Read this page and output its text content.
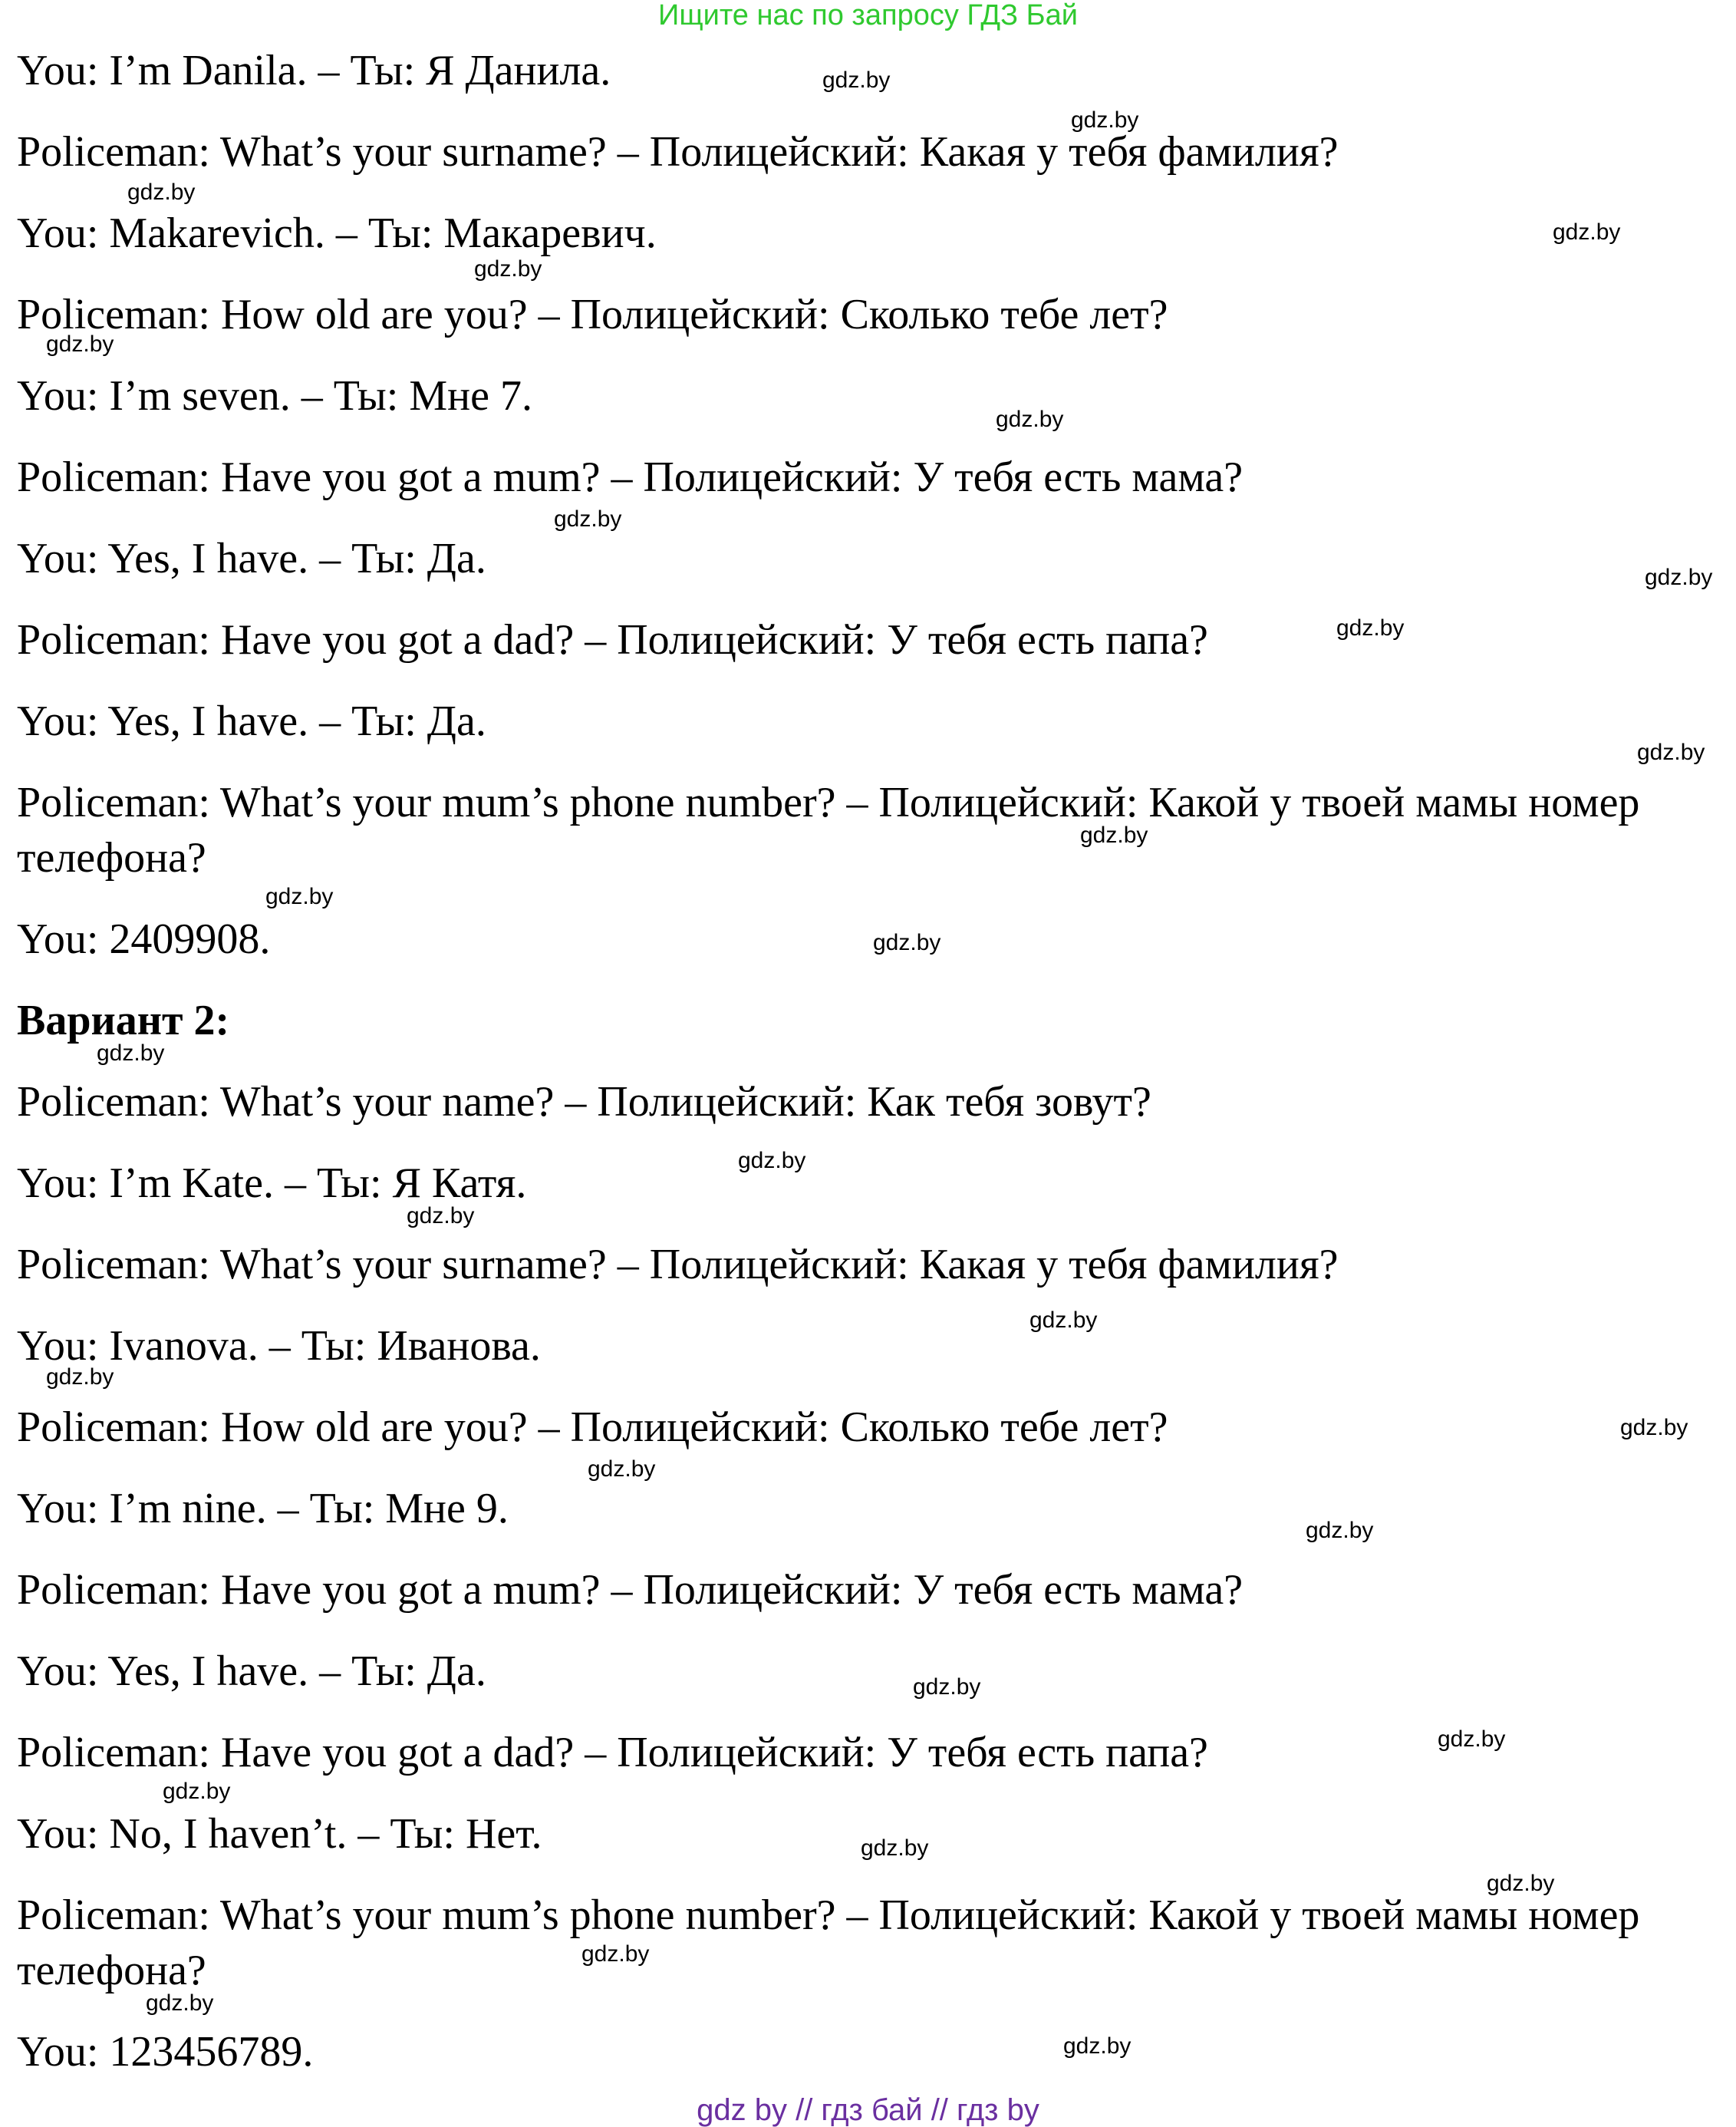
Ищите нас по запросу ГДЗ Бай
You: I’m Danila. – Ты: Я Данила.
Policeman: What’s your surname? – Полицейский: Какая у тебя фамилия?
You: Makarevich. – Ты: Макаревич.
Policeman: How old are you? – Полицейский: Сколько тебе лет?
You: I’m seven. – Ты: Мне 7.
Policeman: Have you got a mum? – Полицейский: У тебя есть мама?
You: Yes, I have. – Ты: Да.
Policeman: Have you got a dad? – Полицейский: У тебя есть папа?
You: Yes, I have. – Ты: Да.
Policeman: What’s your mum’s phone number? – Полицейский: Какой у твоей мамы номер
телефона?
You: 2409908.
Вариант 2:
Policeman: What’s your name? – Полицейский: Как тебя зовут?
You: I’m Kate. – Ты: Я Катя.
Policeman: What’s your surname? – Полицейский: Какая у тебя фамилия?
You: Ivanova. – Ты: Иванова.
Policeman: How old are you? – Полицейский: Сколько тебе лет?
You: I’m nine. – Ты: Мне 9.
Policeman: Have you got a mum? – Полицейский: У тебя есть мама?
You: Yes, I have. – Ты: Да.
Policeman: Have you got a dad? – Полицейский: У тебя есть папа?
You: No, I haven’t. – Ты: Нет.
Policeman: What’s your mum’s phone number? – Полицейский: Какой у твоей мамы номер
телефона?
You: 123456789.
gdz.by
gdz.by
gdz.by
gdz.by
gdz.by
gdz.by
gdz.by
gdz.by
gdz.by
gdz.by
gdz.by
gdz.by
gdz.by
gdz.by
gdz.by
gdz.by
gdz.by
gdz.by
gdz.by
gdz.by
gdz.by
gdz.by
gdz.by
gdz.by
gdz.by
gdz.by
gdz.by
gdz.by
gdz.by
gdz.by
gdz by // гдз бай // гдз by
